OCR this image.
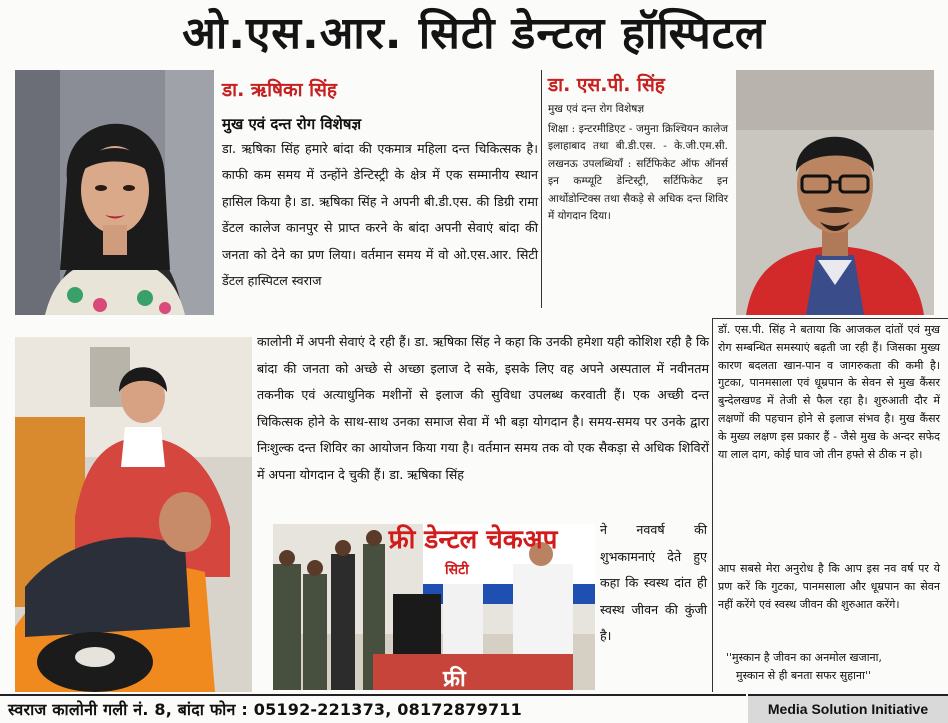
ओ.एस.आर. सिटी डेन्टल हॉस्पिटल
डा. ऋषिका सिंह
मुख एवं दन्त रोग विशेषज्ञ
डा. ऋषिका सिंह हमारे बांदा की एकमात्र महिला दन्त चिकित्सक है। काफी कम समय में उन्होंने डेन्टिस्ट्री के क्षेत्र में एक सम्मानीय स्थान हासिल किया है। डा. ऋषिका सिंह ने अपनी बी.डी.एस. की डिग्री रामा डेंटल कालेज कानपुर से प्राप्त करने के बांदा अपनी सेवाएं बांदा की जनता को देने का प्रण लिया। वर्तमान समय में वो ओ.एस.आर. सिटी डेंटल हास्पिटल स्वराज
डा. एस.पी. सिंह
मुख एवं दन्त रोग विशेषज्ञ
शिक्षा : इन्टरमीडिएट - जमुना क्रिश्चियन कालेज इलाहाबाद तथा बी.डी.एस. - के.जी.एम.सी. लखनऊ उपलब्धियाँ : सर्टिफिकेट ऑफ ऑनर्स इन कम्प्यूटि डेन्टिस्ट्री, सर्टिफिकेट इन आर्थोडोन्टिक्स तथा सैकड़े से अधिक दन्त शिविर में योगदान दिया।
डॉ. एस.पी. सिंह ने बताया कि आजकल दांतों एवं मुख रोग सम्बन्धित समस्याएं बढ़ती जा रही हैं। जिसका मुख्य कारण बदलता खान-पान व जागरुकता की कमी है। गुटका, पानमसाला एवं धूम्रपान के सेवन से मुख कैंसर बुन्देलखण्ड में तेजी से फैल रहा है। शुरुआती दौर में लक्षणों की पहचान होने से इलाज संभव है। मुख कैंसर के मुख्य लक्षण इस प्रकार हैं - जैसे मुख के अन्दर सफेद या लाल दाग, कोई घाव जो तीन हफ्ते से ठीक न हो।
आप सबसे मेरा अनुरोध है कि आप इस नव वर्ष पर ये प्रण करें कि गुटका, पानमसाला और धूम्रपान का सेवन नहीं करेंगे एवं स्वस्थ जीवन की शुरुआत करेंगे।
''मुस्कान है जीवन का अनमोल खजाना,
मुस्कान से ही बनता सफर सुहाना''
कालोनी में अपनी सेवाएं दे रही हैं। डा. ऋषिका सिंह ने कहा कि उनकी हमेशा यही कोशिश रही है कि बांदा की जनता को अच्छे से अच्छा इलाज दे सके, इसके लिए वह अपने अस्पताल में नवीनतम तकनीक एवं अत्याधुनिक मशीनों से इलाज की सुविधा उपलब्ध करवाती हैं। एक अच्छी दन्त चिकित्सक होने के साथ-साथ उनका समाज सेवा में भी बड़ा योगदान है। समय-समय पर उनके द्वारा निःशुल्क दन्त शिविर का आयोजन किया गया है। वर्तमान समय तक वो एक सैकड़ा से अधिक शिविरों में अपना योगदान दे चुकी हैं। डा. ऋषिका सिंह
फ्री डेन्टल चेकअप
सिटी
फ्री
ने नववर्ष की शुभकामनाएं देते हुए कहा कि स्वस्थ दांत ही स्वस्थ जीवन की कुंजी है।
स्वराज कालोनी गली नं. 8, बांदा फोन : 05192-221373, 08172879711	Media Solution Initiative
